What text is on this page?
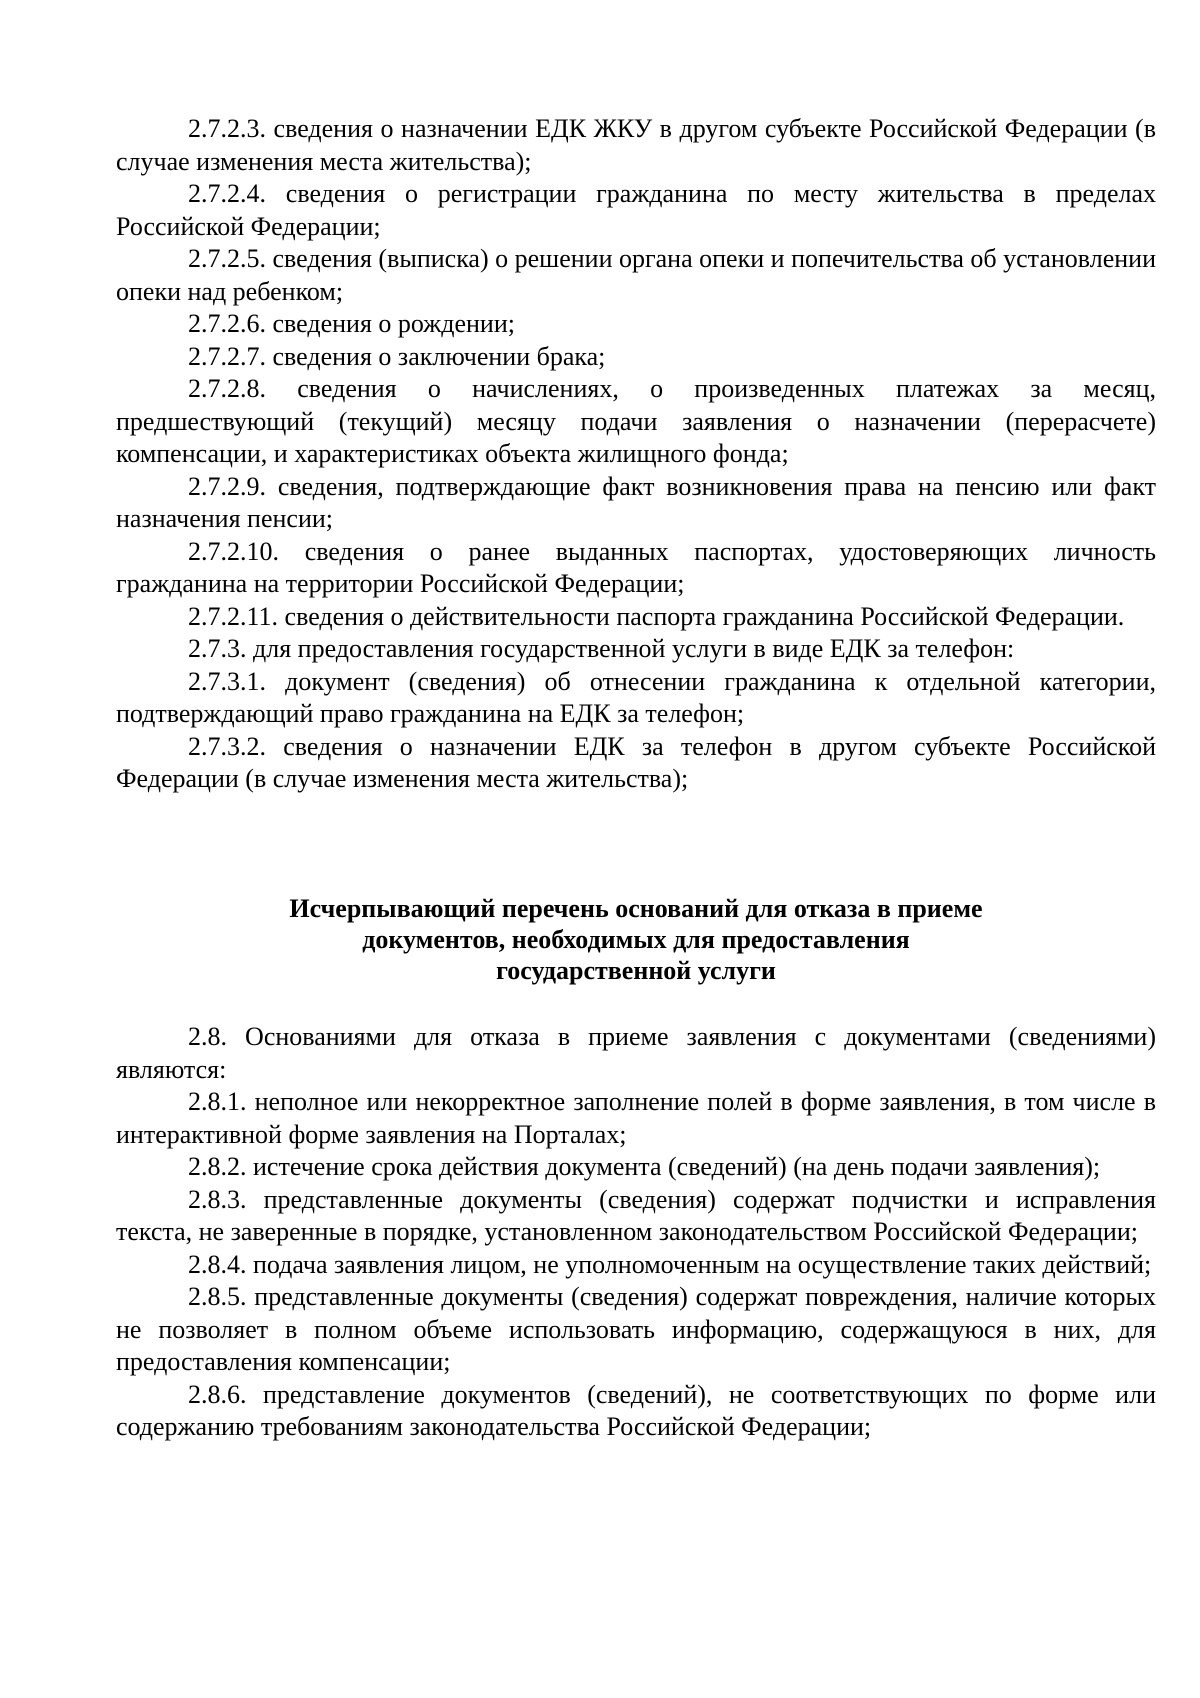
2.7.2.3. сведения о назначении ЕДК ЖКУ в другом субъекте Российской Федерации (в случае изменения места жительства);

2.7.2.4. сведения о регистрации гражданина по месту жительства в пределах Российской Федерации;

2.7.2.5. сведения (выписка) о решении органа опеки и попечительства об установлении опеки над ребенком;

2.7.2.6. сведения о рождении;

2.7.2.7. сведения о заключении брака;

2.7.2.8. сведения о начислениях, о произведенных платежах за месяц, предшествующий (текущий) месяцу подачи заявления о назначении (перерасчете) компенсации, и характеристиках объекта жилищного фонда;

2.7.2.9. сведения, подтверждающие факт возникновения права на пенсию или факт назначения пенсии;

2.7.2.10. сведения о ранее выданных паспортах, удостоверяющих личность гражданина на территории Российской Федерации;

2.7.2.11. сведения о действительности паспорта гражданина Российской Федерации.

2.7.3. для предоставления государственной услуги в виде ЕДК за телефон:

2.7.3.1. документ (сведения) об отнесении гражданина к отдельной категории, подтверждающий право гражданина на ЕДК за телефон;

2.7.3.2. сведения о назначении ЕДК за телефон в другом субъекте Российской Федерации (в случае изменения места жительства);

Исчерпывающий перечень оснований для отказа в приеме
документов, необходимых для предоставления
государственной услуги

2.8. Основаниями для отказа в приеме заявления с документами (сведениями) являются:

2.8.1. неполное или некорректное заполнение полей в форме заявления, в том числе в интерактивной форме заявления на Порталах;

2.8.2. истечение срока действия документа (сведений) (на день подачи заявления);

2.8.3. представленные документы (сведения) содержат подчистки и исправления текста, не заверенные в порядке, установленном законодательством Российской Федерации;

2.8.4. подача заявления лицом, не уполномоченным на осуществление таких действий;

2.8.5. представленные документы (сведения) содержат повреждения, наличие которых не позволяет в полном объеме использовать информацию, содержащуюся в них, для предоставления компенсации;

2.8.6. представление документов (сведений), не соответствующих по форме или содержанию требованиям законодательства Российской Федерации;
